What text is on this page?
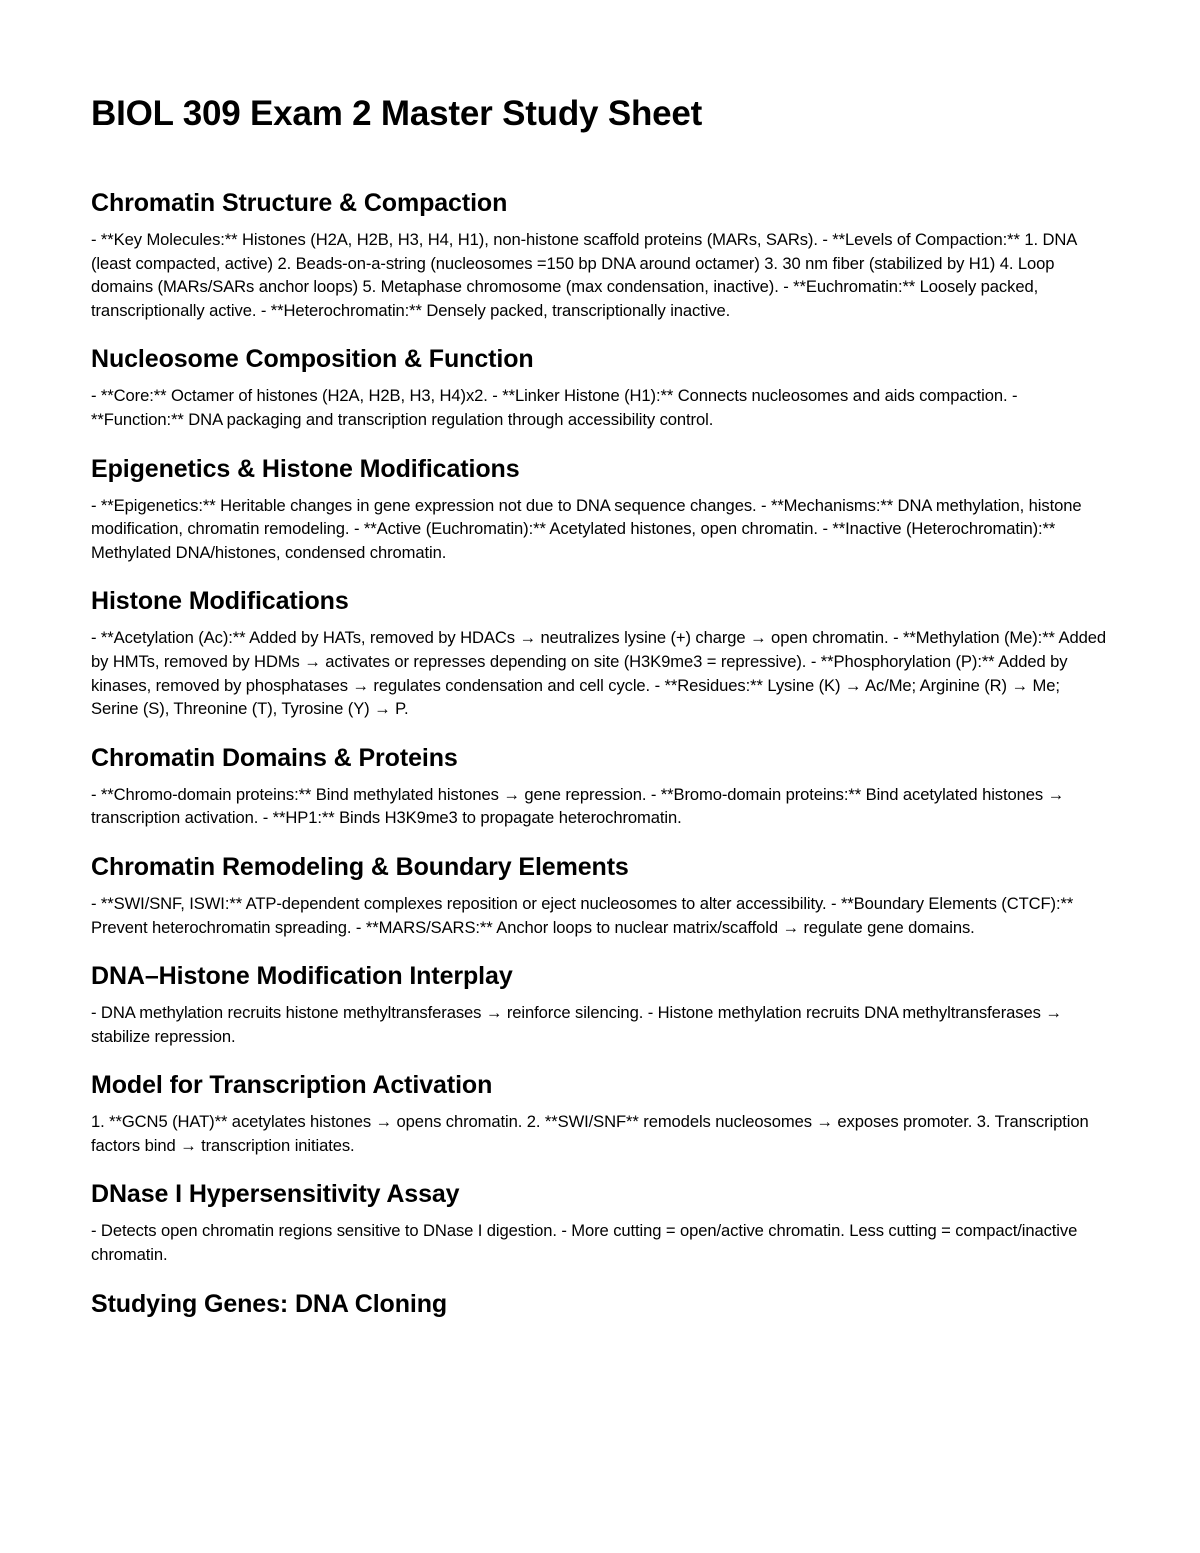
BIOL 309 Exam 2 Master Study Sheet
Chromatin Structure & Compaction

- **Key Molecules:** Histones (H2A, H2B, H3, H4, H1), non-histone scaffold proteins (MARs, SARs). - **Levels of Compaction:** 1. DNA (least compacted, active) 2. Beads-on-a-string (nucleosomes =150 bp DNA around octamer) 3. 30 nm fiber (stabilized by H1) 4. Loop domains (MARs/SARs anchor loops) 5. Metaphase chromosome (max condensation, inactive). - **Euchromatin:** Loosely packed, transcriptionally active. - **Heterochromatin:** Densely packed, transcriptionally inactive.

Nucleosome Composition & Function

- **Core:** Octamer of histones (H2A, H2B, H3, H4)x2. - **Linker Histone (H1):** Connects nucleosomes and aids compaction. - **Function:** DNA packaging and transcription regulation through accessibility control.

Epigenetics & Histone Modifications

- **Epigenetics:** Heritable changes in gene expression not due to DNA sequence changes. - **Mechanisms:** DNA methylation, histone modification, chromatin remodeling. - **Active (Euchromatin):** Acetylated histones, open chromatin. - **Inactive (Heterochromatin):** Methylated DNA/histones, condensed chromatin.

Histone Modifications

- **Acetylation (Ac):** Added by HATs, removed by HDACs → neutralizes lysine (+) charge → open chromatin. - **Methylation (Me):** Added by HMTs, removed by HDMs → activates or represses depending on site (H3K9me3 = repressive). - **Phosphorylation (P):** Added by kinases, removed by phosphatases → regulates condensation and cell cycle. - **Residues:** Lysine (K) → Ac/Me; Arginine (R) → Me; Serine (S), Threonine (T), Tyrosine (Y) → P.

Chromatin Domains & Proteins

- **Chromo-domain proteins:** Bind methylated histones → gene repression. - **Bromo-domain proteins:** Bind acetylated histones → transcription activation. - **HP1:** Binds H3K9me3 to propagate heterochromatin.

Chromatin Remodeling & Boundary Elements

- **SWI/SNF, ISWI:** ATP-dependent complexes reposition or eject nucleosomes to alter accessibility. - **Boundary Elements (CTCF):** Prevent heterochromatin spreading. - **MARS/SARS:** Anchor loops to nuclear matrix/scaffold → regulate gene domains.

DNA–Histone Modification Interplay

- DNA methylation recruits histone methyltransferases → reinforce silencing. - Histone methylation recruits DNA methyltransferases → stabilize repression.

Model for Transcription Activation

1. **GCN5 (HAT)** acetylates histones → opens chromatin. 2. **SWI/SNF** remodels nucleosomes → exposes promoter. 3. Transcription factors bind → transcription initiates.

DNase I Hypersensitivity Assay

- Detects open chromatin regions sensitive to DNase I digestion. - More cutting = open/active chromatin. Less cutting = compact/inactive chromatin.

Studying Genes: DNA Cloning
